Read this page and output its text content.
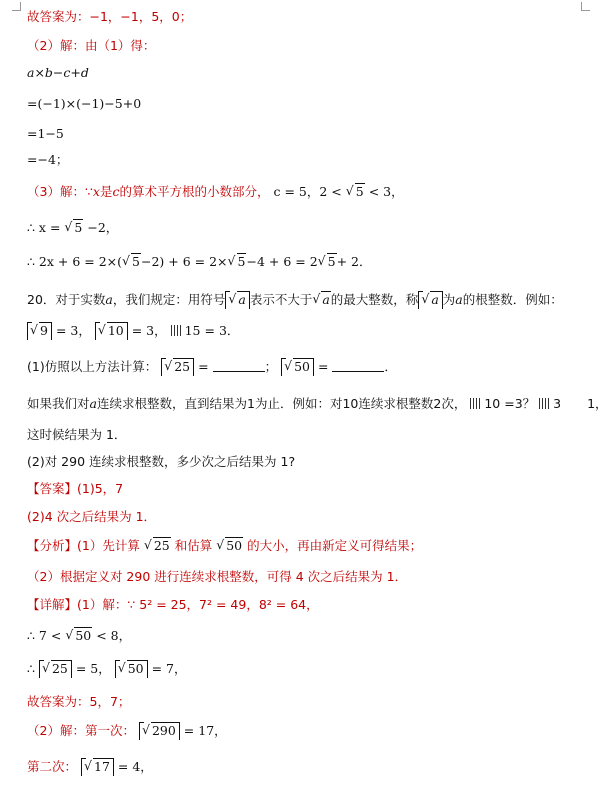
故答案为：−1，−1，5，0；
（2）解：由（1）得：
a×b−c+d
=(−1)×(−1)−5+0
=1−5
=−4；
（3）解：∵x是c的算术平方根的小数部分， c = 5，2 < √ 5 < 3，
∴ x = √ 5 −2，
∴ 2x + 6 = 2×( √ 5−2) + 6 = 2× √ 5−4 + 6 = 2 √ 5+ 2．
20．对于实数a，我们规定：用符号 √ a 表示不大于 √ a的最大整数，称 √ a 为a的根整数．例如：
√ 9 = 3， √ 10 = 3， 15 = 3．
(1)仿照以上方法计算： √ 25 =	； √ 50 =	．
如果我们对a连续求根整数，直到结果为1为止．例如：对10连续求根整数2次， 10 =3？ 3 1，
这时候结果为 1．
(2)对 290 连续求根整数，多少次之后结果为 1?
【答案】(1)5，7
(2)4 次之后结果为 1．
【分析】(1）先计算 √ 25 和估算 √ 50 的大小，再由新定义可得结果；
（2）根据定义对 290 进行连续求根整数，可得 4 次之后结果为 1．
【详解】(1）解：∵ 5² = 25，7² = 49，8² = 64，
∴ 7 < √ 50 < 8，
∴ √ 25 = 5， √ 50 = 7，
故答案为：5，7；
（2）解：第一次： √ 290 = 17，
第二次： √ 17 = 4，
